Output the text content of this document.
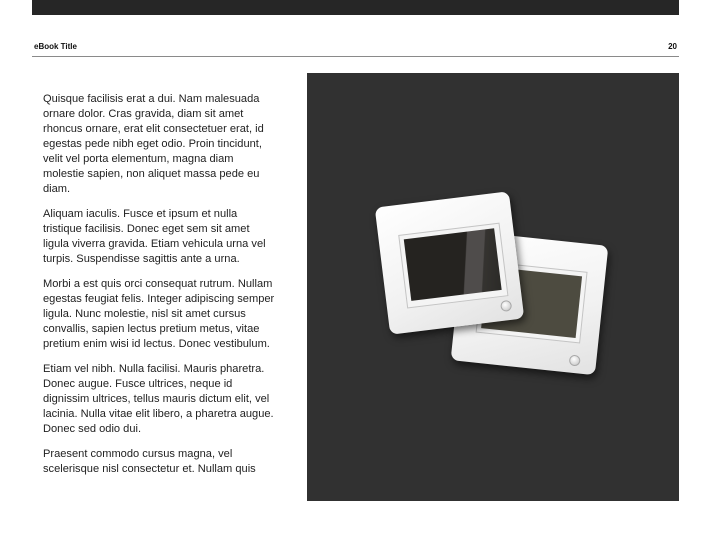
eBook Title	20

Quisque facilisis erat a dui. Nam malesuada ornare dolor. Cras gravida, diam sit amet rhoncus ornare, erat elit consectetuer erat, id egestas pede nibh eget odio. Proin tincidunt, velit vel porta elementum, magna diam molestie sapien, non aliquet massa pede eu diam.

Aliquam iaculis. Fusce et ipsum et nulla tristique facilisis. Donec eget sem sit amet ligula viverra gravida. Etiam vehicula urna vel turpis. Suspendisse sagittis ante a urna.

Morbi a est quis orci consequat rutrum. Nullam egestas feugiat felis. Integer adipiscing semper ligula. Nunc molestie, nisl sit amet cursus convallis, sapien lectus pretium metus, vitae pretium enim wisi id lectus. Donec vestibulum.

Etiam vel nibh. Nulla facilisi. Mauris pharetra. Donec augue. Fusce ultrices, neque id dignissim ultrices, tellus mauris dictum elit, vel lacinia. Nulla vitae elit libero, a pharetra augue. Donec sed odio dui.

Praesent commodo cursus magna, vel scelerisque nisl consectetur et. Nullam quis
